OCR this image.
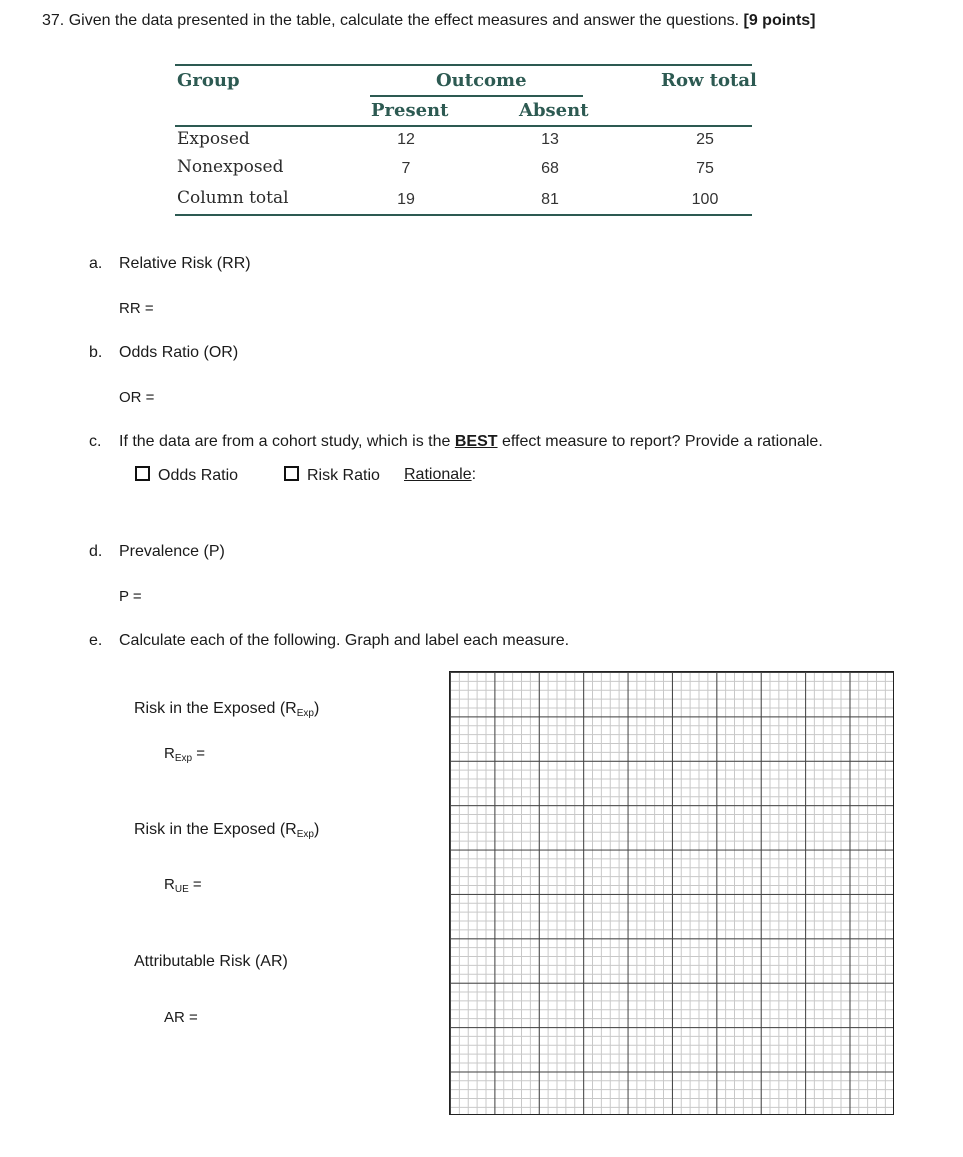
37. Given the data presented in the table, calculate the effect measures and answer the questions. [9 points]
Group	Outcome	Row total
Present	Absent
Exposed	12	13	25
Nonexposed	7	68	75
Column total	19	81	100
a. Relative Risk (RR)
RR =
b. Odds Ratio (OR)
OR =
c. If the data are from a cohort study, which is the BEST effect measure to report? Provide a rationale.
Odds Ratio	Risk Ratio Rationale:
d. Prevalence (P)
P =
e. Calculate each of the following. Graph and label each measure.
Risk in the Exposed (RExp)
$R_{Exp}$ =
Risk in the Exposed (RExp)
$R_{UE}$ =
Attributable Risk (AR)
AR =
